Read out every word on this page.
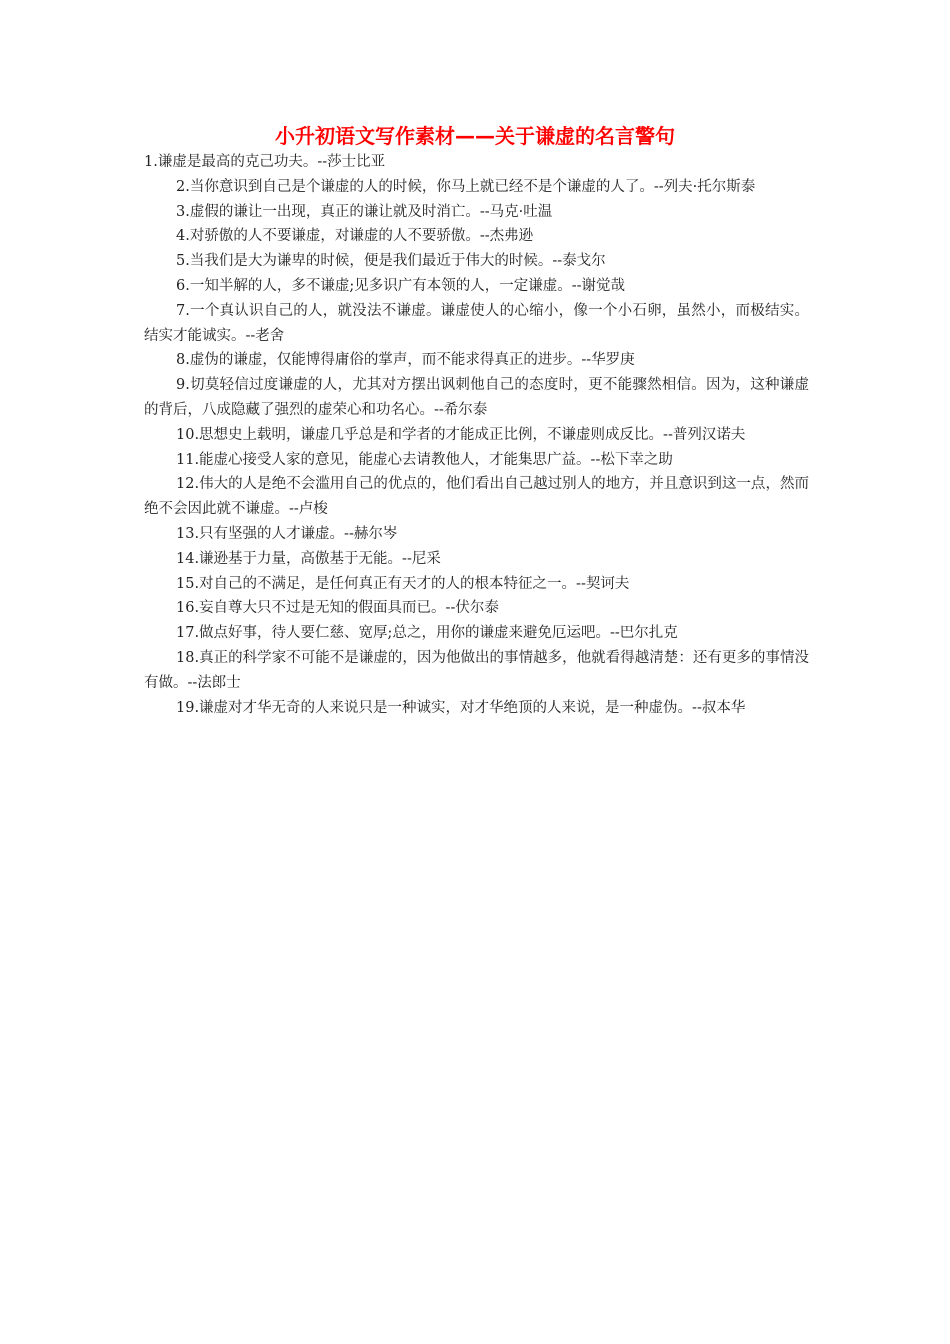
小升初语文写作素材——关于谦虚的名言警句

1.谦虚是最高的克己功夫。--莎士比亚

2.当你意识到自己是个谦虚的人的时候，你马上就已经不是个谦虚的人了。--列夫·托尔斯泰

3.虚假的谦让一出现，真正的谦让就及时消亡。--马克·吐温

4.对骄傲的人不要谦虚，对谦虚的人不要骄傲。--杰弗逊

5.当我们是大为谦卑的时候，便是我们最近于伟大的时候。--泰戈尔

6.一知半解的人，多不谦虚;见多识广有本领的人，一定谦虚。--谢觉哉

7.一个真认识自己的人，就没法不谦虚。谦虚使人的心缩小，像一个小石卵，虽然小，而极结实。结实才能诚实。--老舍

8.虚伪的谦虚，仅能博得庸俗的掌声，而不能求得真正的进步。--华罗庚

9.切莫轻信过度谦虚的人，尤其对方摆出讽刺他自己的态度时，更不能骤然相信。因为，这种谦虚的背后，八成隐藏了强烈的虚荣心和功名心。--希尔泰

10.思想史上载明，谦虚几乎总是和学者的才能成正比例，不谦虚则成反比。--普列汉诺夫

11.能虚心接受人家的意见，能虚心去请教他人，才能集思广益。--松下幸之助

12.伟大的人是绝不会滥用自己的优点的，他们看出自己越过别人的地方，并且意识到这一点，然而绝不会因此就不谦虚。--卢梭

13.只有坚强的人才谦虚。--赫尔岑

14.谦逊基于力量，高傲基于无能。--尼采

15.对自己的不满足，是任何真正有天才的人的根本特征之一。--契诃夫

16.妄自尊大只不过是无知的假面具而已。--伏尔泰

17.做点好事，待人要仁慈、宽厚;总之，用你的谦虚来避免厄运吧。--巴尔扎克

18.真正的科学家不可能不是谦虚的，因为他做出的事情越多，他就看得越清楚：还有更多的事情没有做。--法郎士

19.谦虚对才华无奇的人来说只是一种诚实，对才华绝顶的人来说，是一种虚伪。--叔本华
